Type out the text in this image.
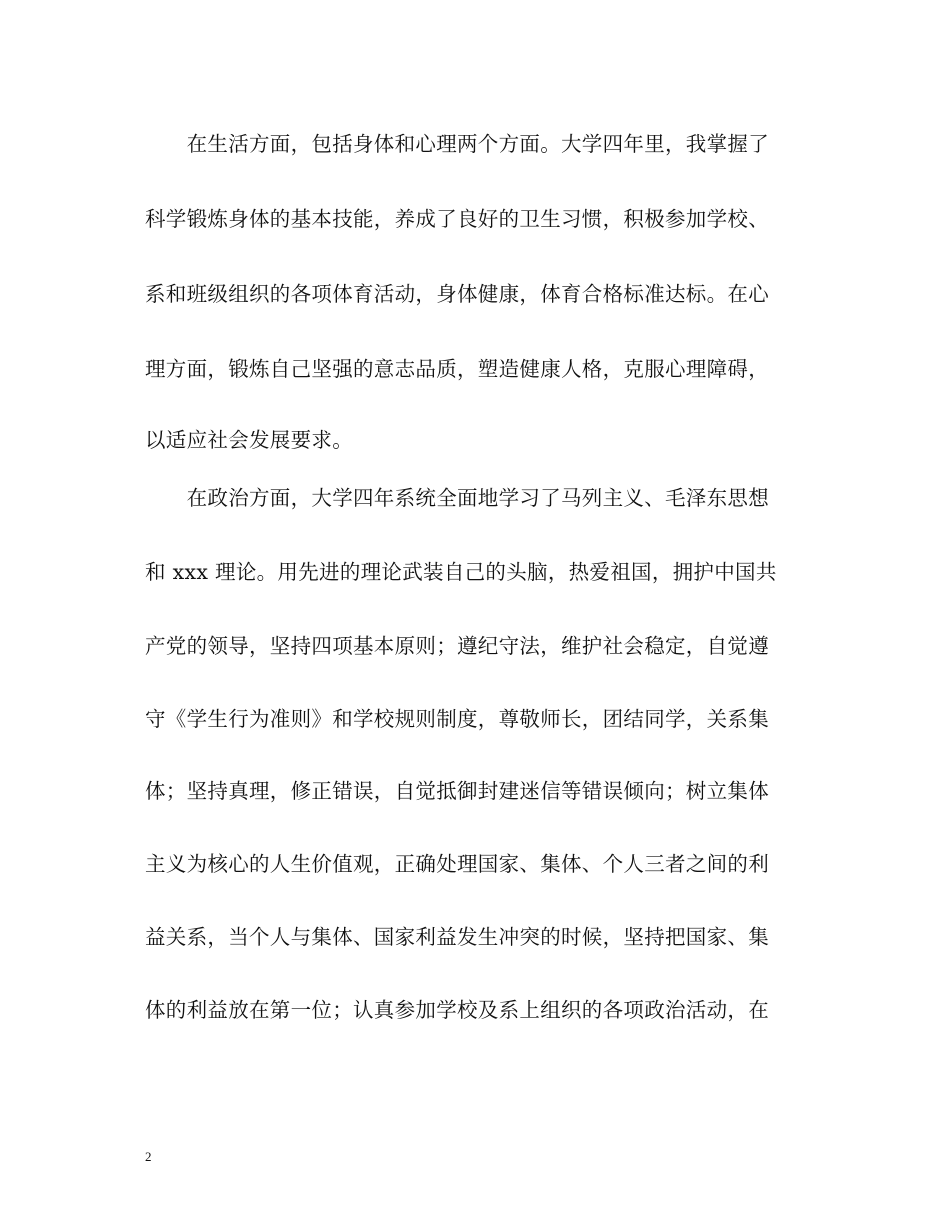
　　在生活方面，包括身体和心理两个方面。大学四年里，我掌握了

科学锻炼身体的基本技能，养成了良好的卫生习惯，积极参加学校、

系和班级组织的各项体育活动，身体健康，体育合格标准达标。在心

理方面，锻炼自己坚强的意志品质，塑造健康人格，克服心理障碍，

以适应社会发展要求。

　　在政治方面，大学四年系统全面地学习了马列主义、毛泽东思想

和 xxx 理论。用先进的理论武装自己的头脑，热爱祖国，拥护中国共

产党的领导，坚持四项基本原则；遵纪守法，维护社会稳定，自觉遵

守《学生行为准则》和学校规则制度，尊敬师长，团结同学，关系集

体；坚持真理，修正错误，自觉抵御封建迷信等错误倾向；树立集体

主义为核心的人生价值观，正确处理国家、集体、个人三者之间的利

益关系，当个人与集体、国家利益发生冲突的时候，坚持把国家、集

体的利益放在第一位；认真参加学校及系上组织的各项政治活动，在

2
